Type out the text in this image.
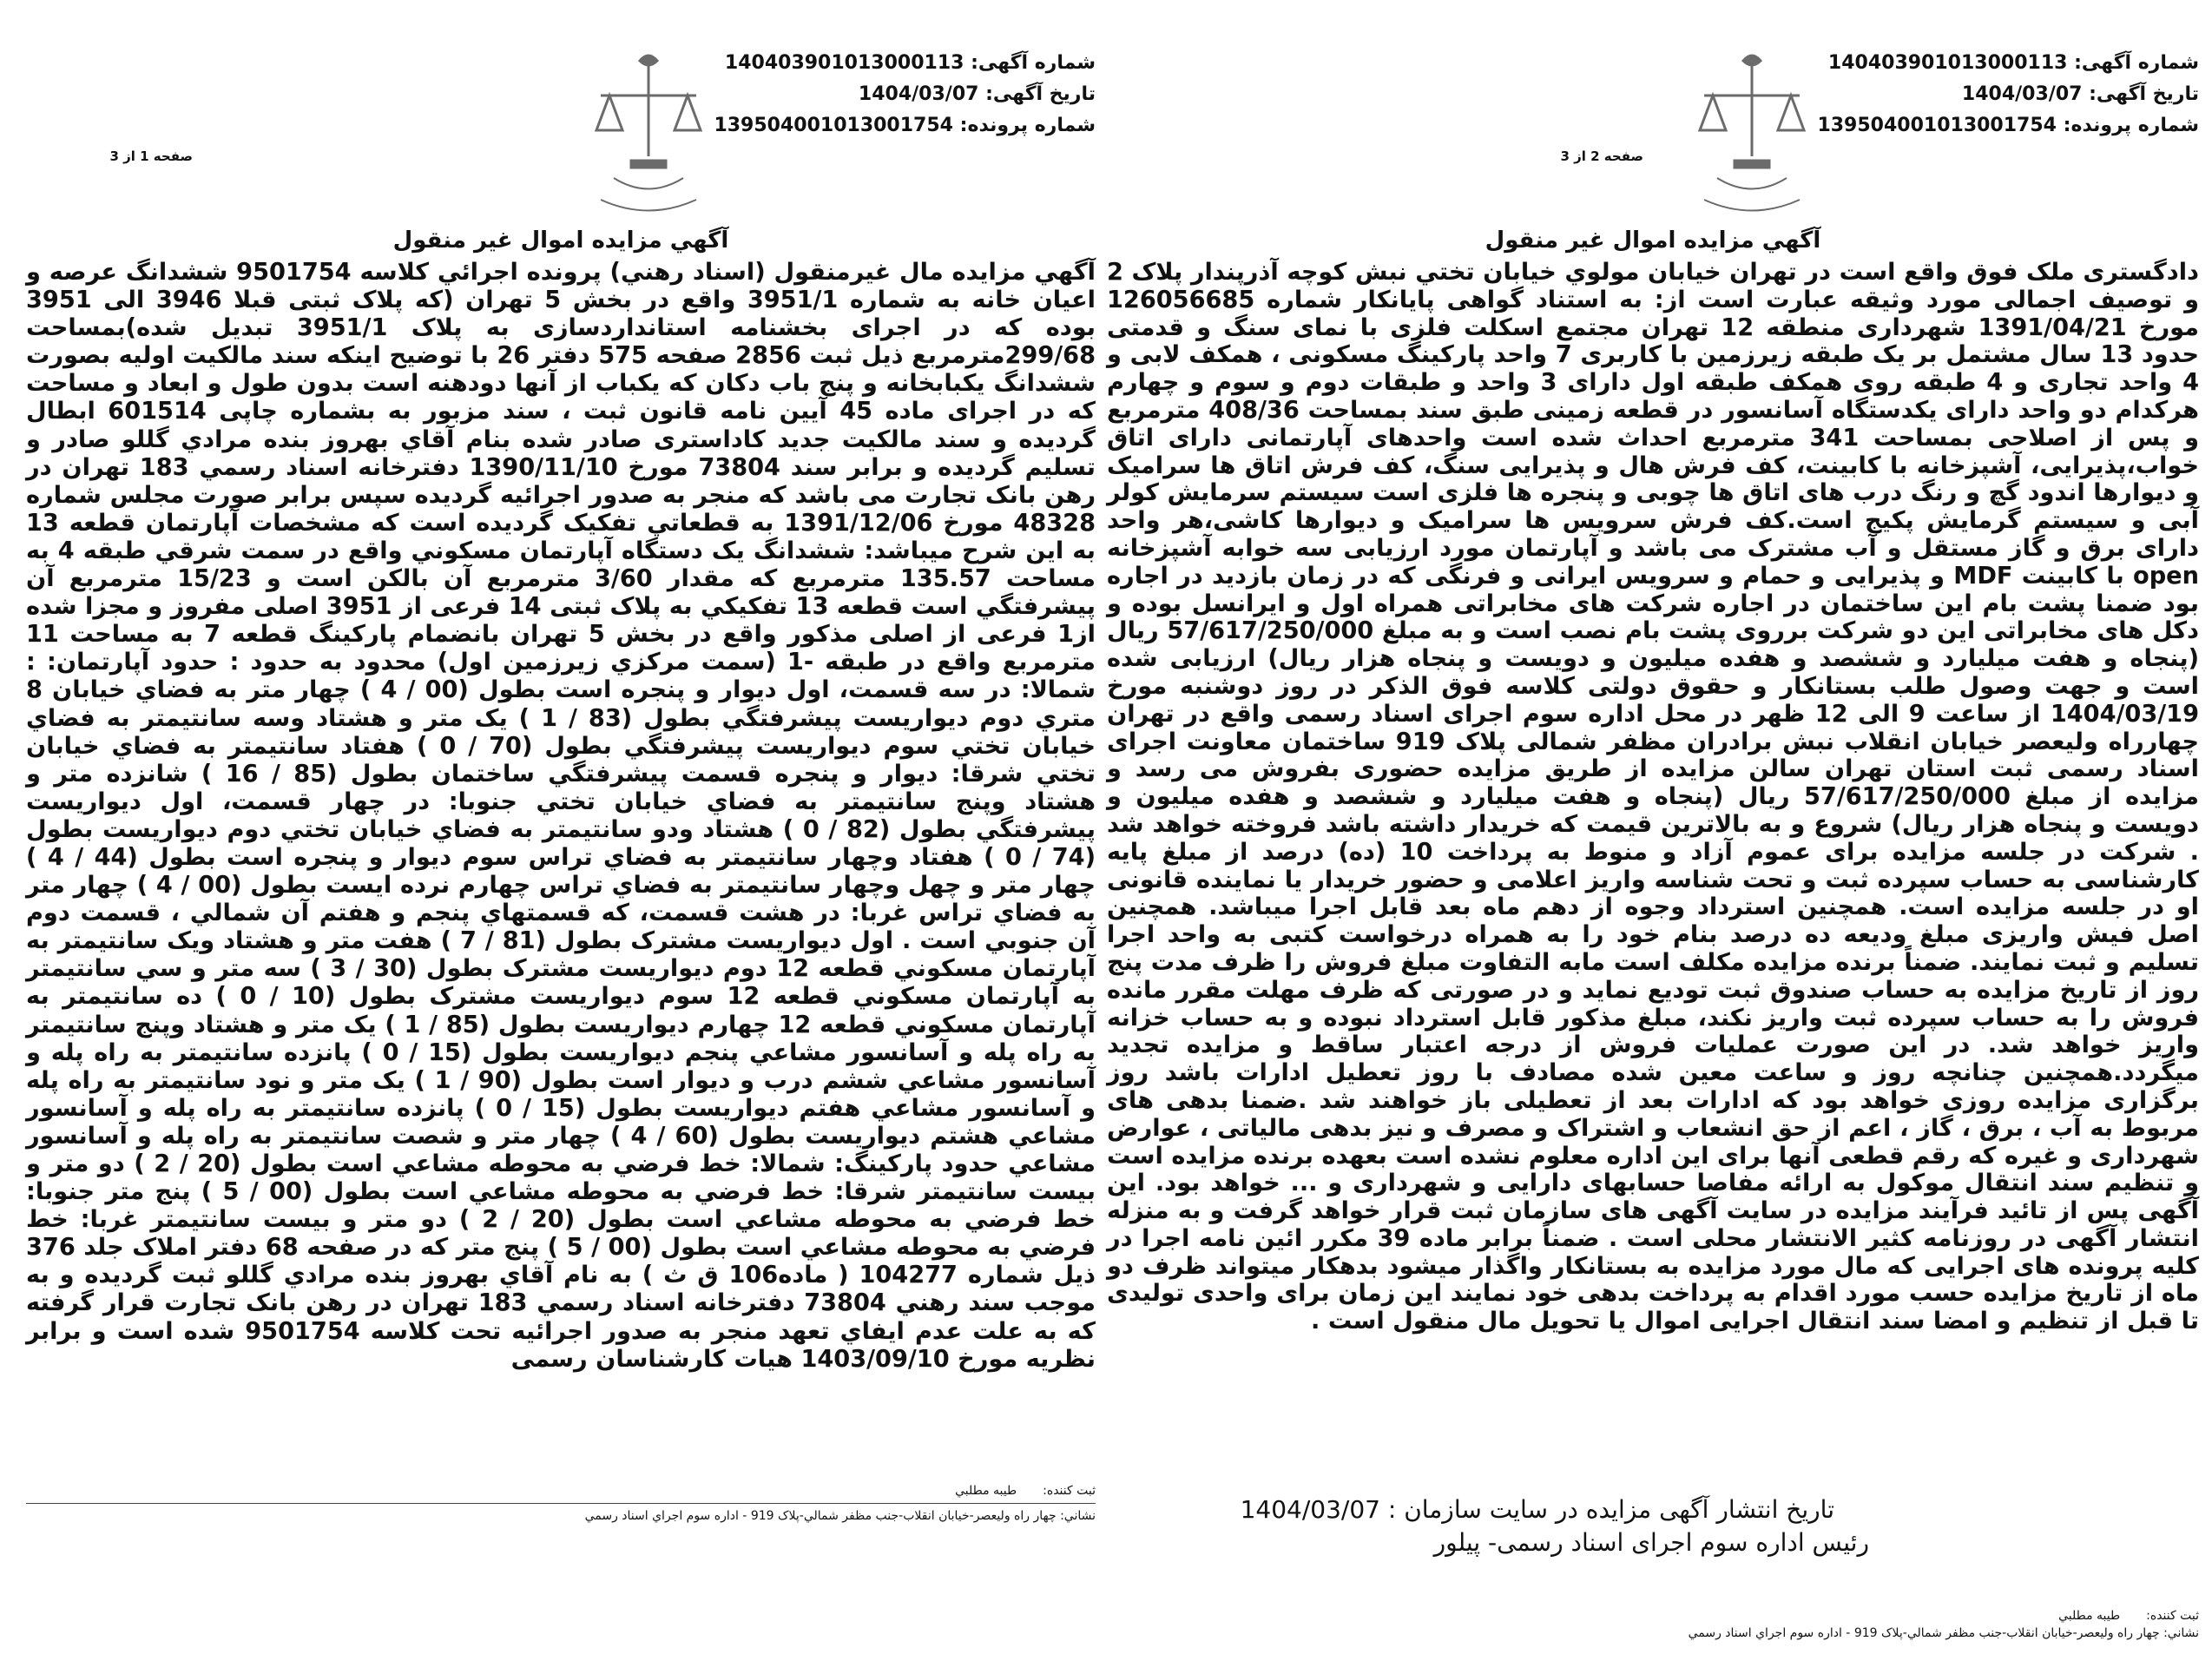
شماره آگهی: 140403901013000113
تاریخ آگهی: 1404/03/07
شماره پرونده: 139504001013001754
صفحه 2 از 3
آگهي مزايده اموال غير منقول
دادگستری ملک فوق واقع است در تهران خيابان مولوي خيابان تختي نبش کوچه آذرپندار پلاک 2 و توصيف اجمالی مورد وثيقه عبارت است از: به استناد گواهی پایانکار شماره 126056685 مورخ 1391/04/21 شهرداری منطقه 12 تهران مجتمع اسکلت فلزی با نمای سنگ و قدمتی حدود 13 سال مشتمل بر یک طبقه زیرزمین با کاربری 7 واحد پارکینگ مسکونی ، همکف لابی و 4 واحد تجاری و 4 طبقه روی همکف طبقه اول دارای 3 واحد و طبقات دوم و سوم و چهارم هرکدام دو واحد دارای یکدستگاه آسانسور در قطعه زمینی طبق سند بمساحت 408/36 مترمربع و پس از اصلاحی بمساحت 341 مترمربع احداث شده است واحدهای آپارتمانی دارای اتاق خواب،پذیرایی، آشپزخانه با کابینت، کف فرش هال و پذیرایی سنگ، کف فرش اتاق ها سرامیک و دیوارها اندود گچ و رنگ درب های اتاق ها چوبی و پنجره ها فلزی است سیستم سرمایش کولر آبی و سیستم گرمایش پکیج است.کف فرش سرویس ها سرامیک و دیوارها کاشی،هر واحد دارای برق و گاز مستقل و آب مشترک می باشد و آپارتمان مورد ارزیابی سه خوابه آشپزخانه open با کابینت MDF و پذیرایی و حمام و سرویس ایرانی و فرنگی که در زمان بازدید در اجاره بود ضمنا پشت بام این ساختمان در اجاره شرکت های مخابراتی همراه اول و ایرانسل بوده و دکل های مخابراتی این دو شرکت برروی پشت بام نصب است و به مبلغ 57/617/250/000 ريال (پنجاه و هفت میلیارد و ششصد و هفده میلیون و دویست و پنجاه هزار ريال) ارزیابی شده است و جهت وصول طلب بستانکار و حقوق دولتی کلاسه فوق الذکر در روز دوشنبه مورخ 1404/03/19 از ساعت 9 الی 12 ظهر در محل اداره سوم اجرای اسناد رسمی واقع در تهران چهارراه ولیعصر خیابان انقلاب نبش برادران مظفر شمالی پلاک 919 ساختمان معاونت اجرای اسناد رسمی ثبت استان تهران سالن مزایده از طریق مزایده حضوری بفروش می رسد و مزایده از مبلغ 57/617/250/000 ريال (پنجاه و هفت میلیارد و ششصد و هفده میلیون و دویست و پنجاه هزار ريال) شروع و به بالاترین قیمت که خریدار داشته باشد فروخته خواهد شد . شرکت در جلسه مزایده برای عموم آزاد و منوط به پرداخت 10 (ده) درصد از مبلغ پایه کارشناسی به حساب سپرده ثبت و تحت شناسه واریز اعلامی و حضور خریدار یا نماینده قانونی او در جلسه مزایده است. همچنین استرداد وجوه از دهم ماه بعد قابل اجرا میباشد. همچنین اصل فیش واریزی مبلغ ودیعه ده درصد بنام خود را به همراه درخواست کتبی به واحد اجرا تسلیم و ثبت نمایند. ضمناً برنده مزایده مکلف است مابه التفاوت مبلغ فروش را ظرف مدت پنج روز از تاریخ مزایده به حساب صندوق ثبت تودیع نماید و در صورتی که ظرف مهلت مقرر مانده فروش را به حساب سپرده ثبت واریز نکند، مبلغ مذکور قابل استرداد نبوده و به حساب خزانه واریز خواهد شد. در این صورت عملیات فروش از درجه اعتبار ساقط و مزایده تجدید میگردد.همچنین چنانچه روز و ساعت معین شده مصادف با روز تعطیل ادارات باشد روز برگزاری مزایده روزی خواهد بود که ادارات بعد از تعطیلی باز خواهند شد .ضمنا بدهی های مربوط به آب ، برق ، گاز ، اعم از حق انشعاب و اشتراک و مصرف و نیز بدهی مالیاتی ، عوارض شهرداری و غیره که رقم قطعی آنها برای این اداره معلوم نشده است بعهده برنده مزایده است و تنظیم سند انتقال موکول به ارائه مفاصا حسابهای دارایی و شهرداری و ... خواهد بود. این آگهی پس از تائید فرآیند مزایده در سایت آگهی های سازمان ثبت قرار خواهد گرفت و به منزله انتشار آگهی در روزنامه کثیر الانتشار محلی است . ضمناً برابر ماده 39 مکرر ائین نامه اجرا در کلیه پرونده های اجرایی که مال مورد مزایده به بستانکار واگذار میشود بدهکار میتواند ظرف دو ماه از تاریخ مزایده حسب مورد اقدام به پرداخت بدهی خود نمایند این زمان برای واحدی تولیدی تا قبل از تنظیم و امضا سند انتقال اجرایی اموال یا تحویل مال منقول است .
تاریخ انتشار آگهی مزایده در سایت سازمان : 1404/03/07
رئیس اداره سوم اجرای اسناد رسمی- پیلور
ثبت کننده:طيبه مطلبي
نشاني: چهار راه وليعصر-خيابان انقلاب-جنب مظفر شمالي-پلاک 919 - اداره سوم اجراي اسناد رسمي
شماره آگهی: 140403901013000113
تاریخ آگهی: 1404/03/07
شماره پرونده: 139504001013001754
صفحه 1 از 3
آگهي مزايده اموال غير منقول
آگهي مزايده مال غيرمنقول (اسناد رهني) پرونده اجرائي کلاسه 9501754 ششدانگ عرصه و اعيان خانه به شماره 3951/1 واقع در بخش 5 تهران (که پلاک ثبتی قبلا 3946 الی 3951 بوده که در اجرای بخشنامه استانداردسازی به پلاک 3951/1 تبدیل شده)بمساحت 299/68مترمربع ذيل ثبت 2856 صفحه 575 دفتر 26 با توضیح اینکه سند مالکیت اولیه بصورت ششدانگ یکبابخانه و پنج باب دکان که یکباب از آنها دودهنه است بدون طول و ابعاد و مساحت که در اجرای ماده 45 آیین نامه قانون ثبت ، سند مزبور به بشماره چاپی 601514 ابطال گردیده و سند مالکیت جدید کاداستری صادر شده بنام آقاي بهروز بنده مرادي گللو صادر و تسلیم گردیده و برابر سند 73804 مورخ 1390/11/10 دفترخانه اسناد رسمي 183 تهران در رهن بانک تجارت می باشد که منجر به صدور اجرائيه گرديده سپس برابر صورت مجلس شماره 48328 مورخ 1391/12/06 به قطعاتي تفکيک گرديده است که مشخصات آپارتمان قطعه 13 به این شرح میباشد: ششدانگ يک دستگاه آپارتمان مسکوني واقع در سمت شرقي طبقه 4 به مساحت 135.57 مترمربع که مقدار 3/60 مترمربع آن بالکن است و 15/23 مترمربع آن پيشرفتگي است قطعه 13 تفکيکي به پلاک ثبتی 14 فرعی از 3951 اصلی مفروز و مجزا شده از1 فرعی از اصلی مذکور واقع در بخش 5 تهران بانضمام پارکينگ قطعه 7 به مساحت 11 مترمربع واقع در طبقه -1 (سمت مرکزي زيرزمين اول) محدود به حدود : حدود آپارتمان: : شمالا: در سه قسمت، اول ديوار و پنجره است بطول (00 / 4 ) چهار متر به فضاي خيابان 8 متري دوم ديواريست پيشرفتگي بطول (83 / 1 ) يک متر و هشتاد وسه سانتيمتر به فضاي خيابان تختي سوم ديواريست پيشرفتگي بطول (70 / 0 ) هفتاد سانتيمتر به فضاي خيابان تختي شرقا: ديوار و پنجره قسمت پيشرفتگي ساختمان بطول (85 / 16 ) شانزده متر و هشتاد وپنج سانتيمتر به فضاي خيابان تختي جنوبا: در چهار قسمت، اول ديواريست پيشرفتگي بطول (82 / 0 ) هشتاد ودو سانتيمتر به فضاي خيابان تختي دوم ديواريست بطول (74 / 0 ) هفتاد وچهار سانتيمتر به فضاي تراس سوم ديوار و پنجره است بطول (44 / 4 ) چهار متر و چهل وچهار سانتيمتر به فضاي تراس چهارم نرده ايست بطول (00 / 4 ) چهار متر به فضاي تراس غربا: در هشت قسمت، که قسمتهاي پنجم و هفتم آن شمالي ، قسمت دوم آن جنوبي است . اول ديواريست مشترک بطول (81 / 7 ) هفت متر و هشتاد ويک سانتيمتر به آپارتمان مسکوني قطعه 12 دوم ديواريست مشترک بطول (30 / 3 ) سه متر و سي سانتيمتر به آپارتمان مسکوني قطعه 12 سوم ديواريست مشترک بطول (10 / 0 ) ده سانتيمتر به آپارتمان مسکوني قطعه 12 چهارم ديواريست بطول (85 / 1 ) يک متر و هشتاد وپنج سانتيمتر به راه پله و آسانسور مشاعي پنجم ديواريست بطول (15 / 0 ) پانزده سانتيمتر به راه پله و آسانسور مشاعي ششم درب و ديوار است بطول (90 / 1 ) يک متر و نود سانتيمتر به راه پله و آسانسور مشاعي هفتم ديواريست بطول (15 / 0 ) پانزده سانتيمتر به راه پله و آسانسور مشاعي هشتم ديواريست بطول (60 / 4 ) چهار متر و شصت سانتيمتر به راه پله و آسانسور مشاعي حدود پارکينگ: شمالا: خط فرضي به محوطه مشاعي است بطول (20 / 2 ) دو متر و بيست سانتيمتر شرقا: خط فرضي به محوطه مشاعي است بطول (00 / 5 ) پنج متر جنوبا: خط فرضي به محوطه مشاعي است بطول (20 / 2 ) دو متر و بيست سانتيمتر غربا: خط فرضي به محوطه مشاعي است بطول (00 / 5 ) پنج متر که در صفحه 68 دفتر املاک جلد 376 ذیل شماره 104277 ( ماده106 ق ث ) به نام آقاي بهروز بنده مرادي گللو ثبت گرديده و به موجب سند رهني 73804 دفترخانه اسناد رسمي 183 تهران در رهن بانک تجارت قرار گرفته که به علت عدم ایفاي تعهد منجر به صدور اجرائيه تحت کلاسه 9501754 شده است و برابر نظريه مورخ 1403/09/10 هيات کارشناسان رسمی
ثبت کننده:طيبه مطلبي
نشاني: چهار راه وليعصر-خيابان انقلاب-جنب مظفر شمالي-پلاک 919 - اداره سوم اجراي اسناد رسمي
